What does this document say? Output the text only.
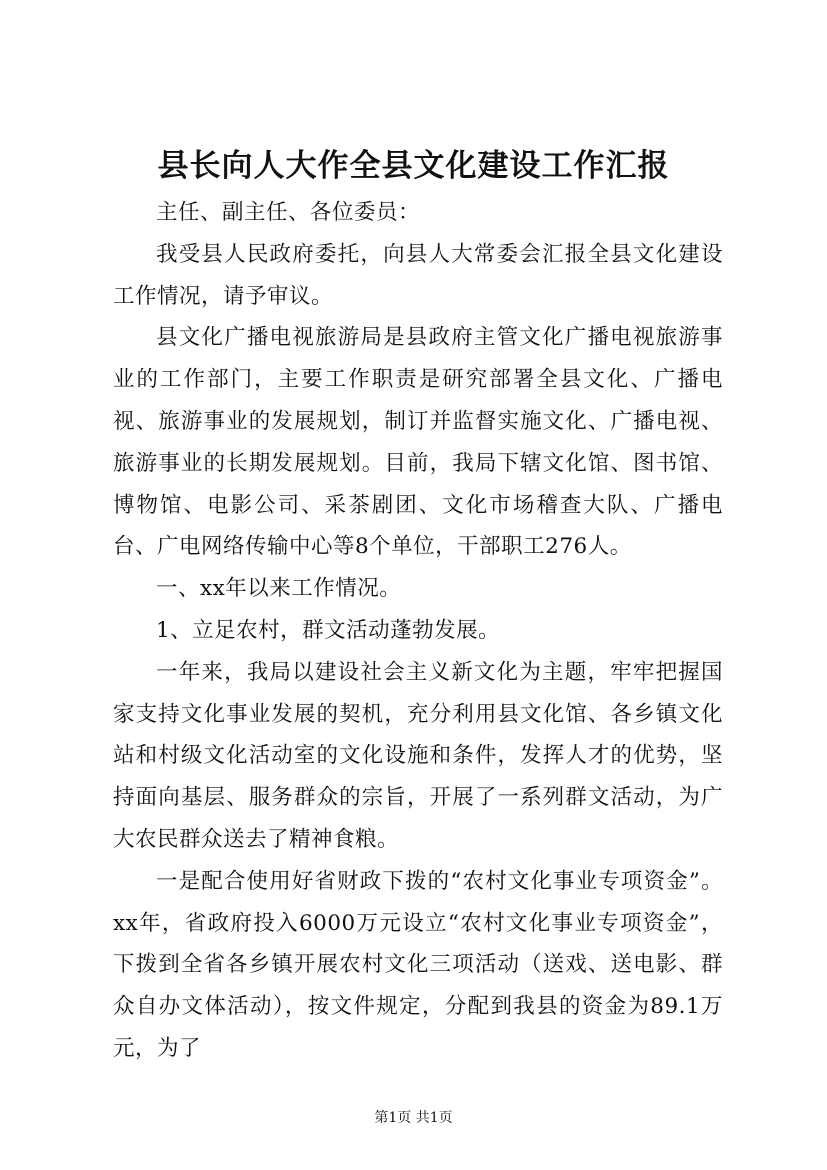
县长向人大作全县文化建设工作汇报

主任、副主任、各位委员：

我受县人民政府委托，向县人大常委会汇报全县文化建设工作情况，请予审议。

县文化广播电视旅游局是县政府主管文化广播电视旅游事业的工作部门，主要工作职责是研究部署全县文化、广播电视、旅游事业的发展规划，制订并监督实施文化、广播电视、旅游事业的长期发展规划。目前，我局下辖文化馆、图书馆、博物馆、电影公司、采茶剧团、文化市场稽查大队、广播电台、广电网络传输中心等8个单位，干部职工276人。

一、xx年以来工作情况。

1、立足农村，群文活动蓬勃发展。

一年来，我局以建设社会主义新文化为主题，牢牢把握国家支持文化事业发展的契机，充分利用县文化馆、各乡镇文化站和村级文化活动室的文化设施和条件，发挥人才的优势，坚持面向基层、服务群众的宗旨，开展了一系列群文活动，为广大农民群众送去了精神食粮。

一是配合使用好省财政下拨的“农村文化事业专项资金”。xx年，省政府投入6000万元设立“农村文化事业专项资金”，下拨到全省各乡镇开展农村文化三项活动（送戏、送电影、群众自办文体活动），按文件规定，分配到我县的资金为89.1万元，为了

第1页 共1页
